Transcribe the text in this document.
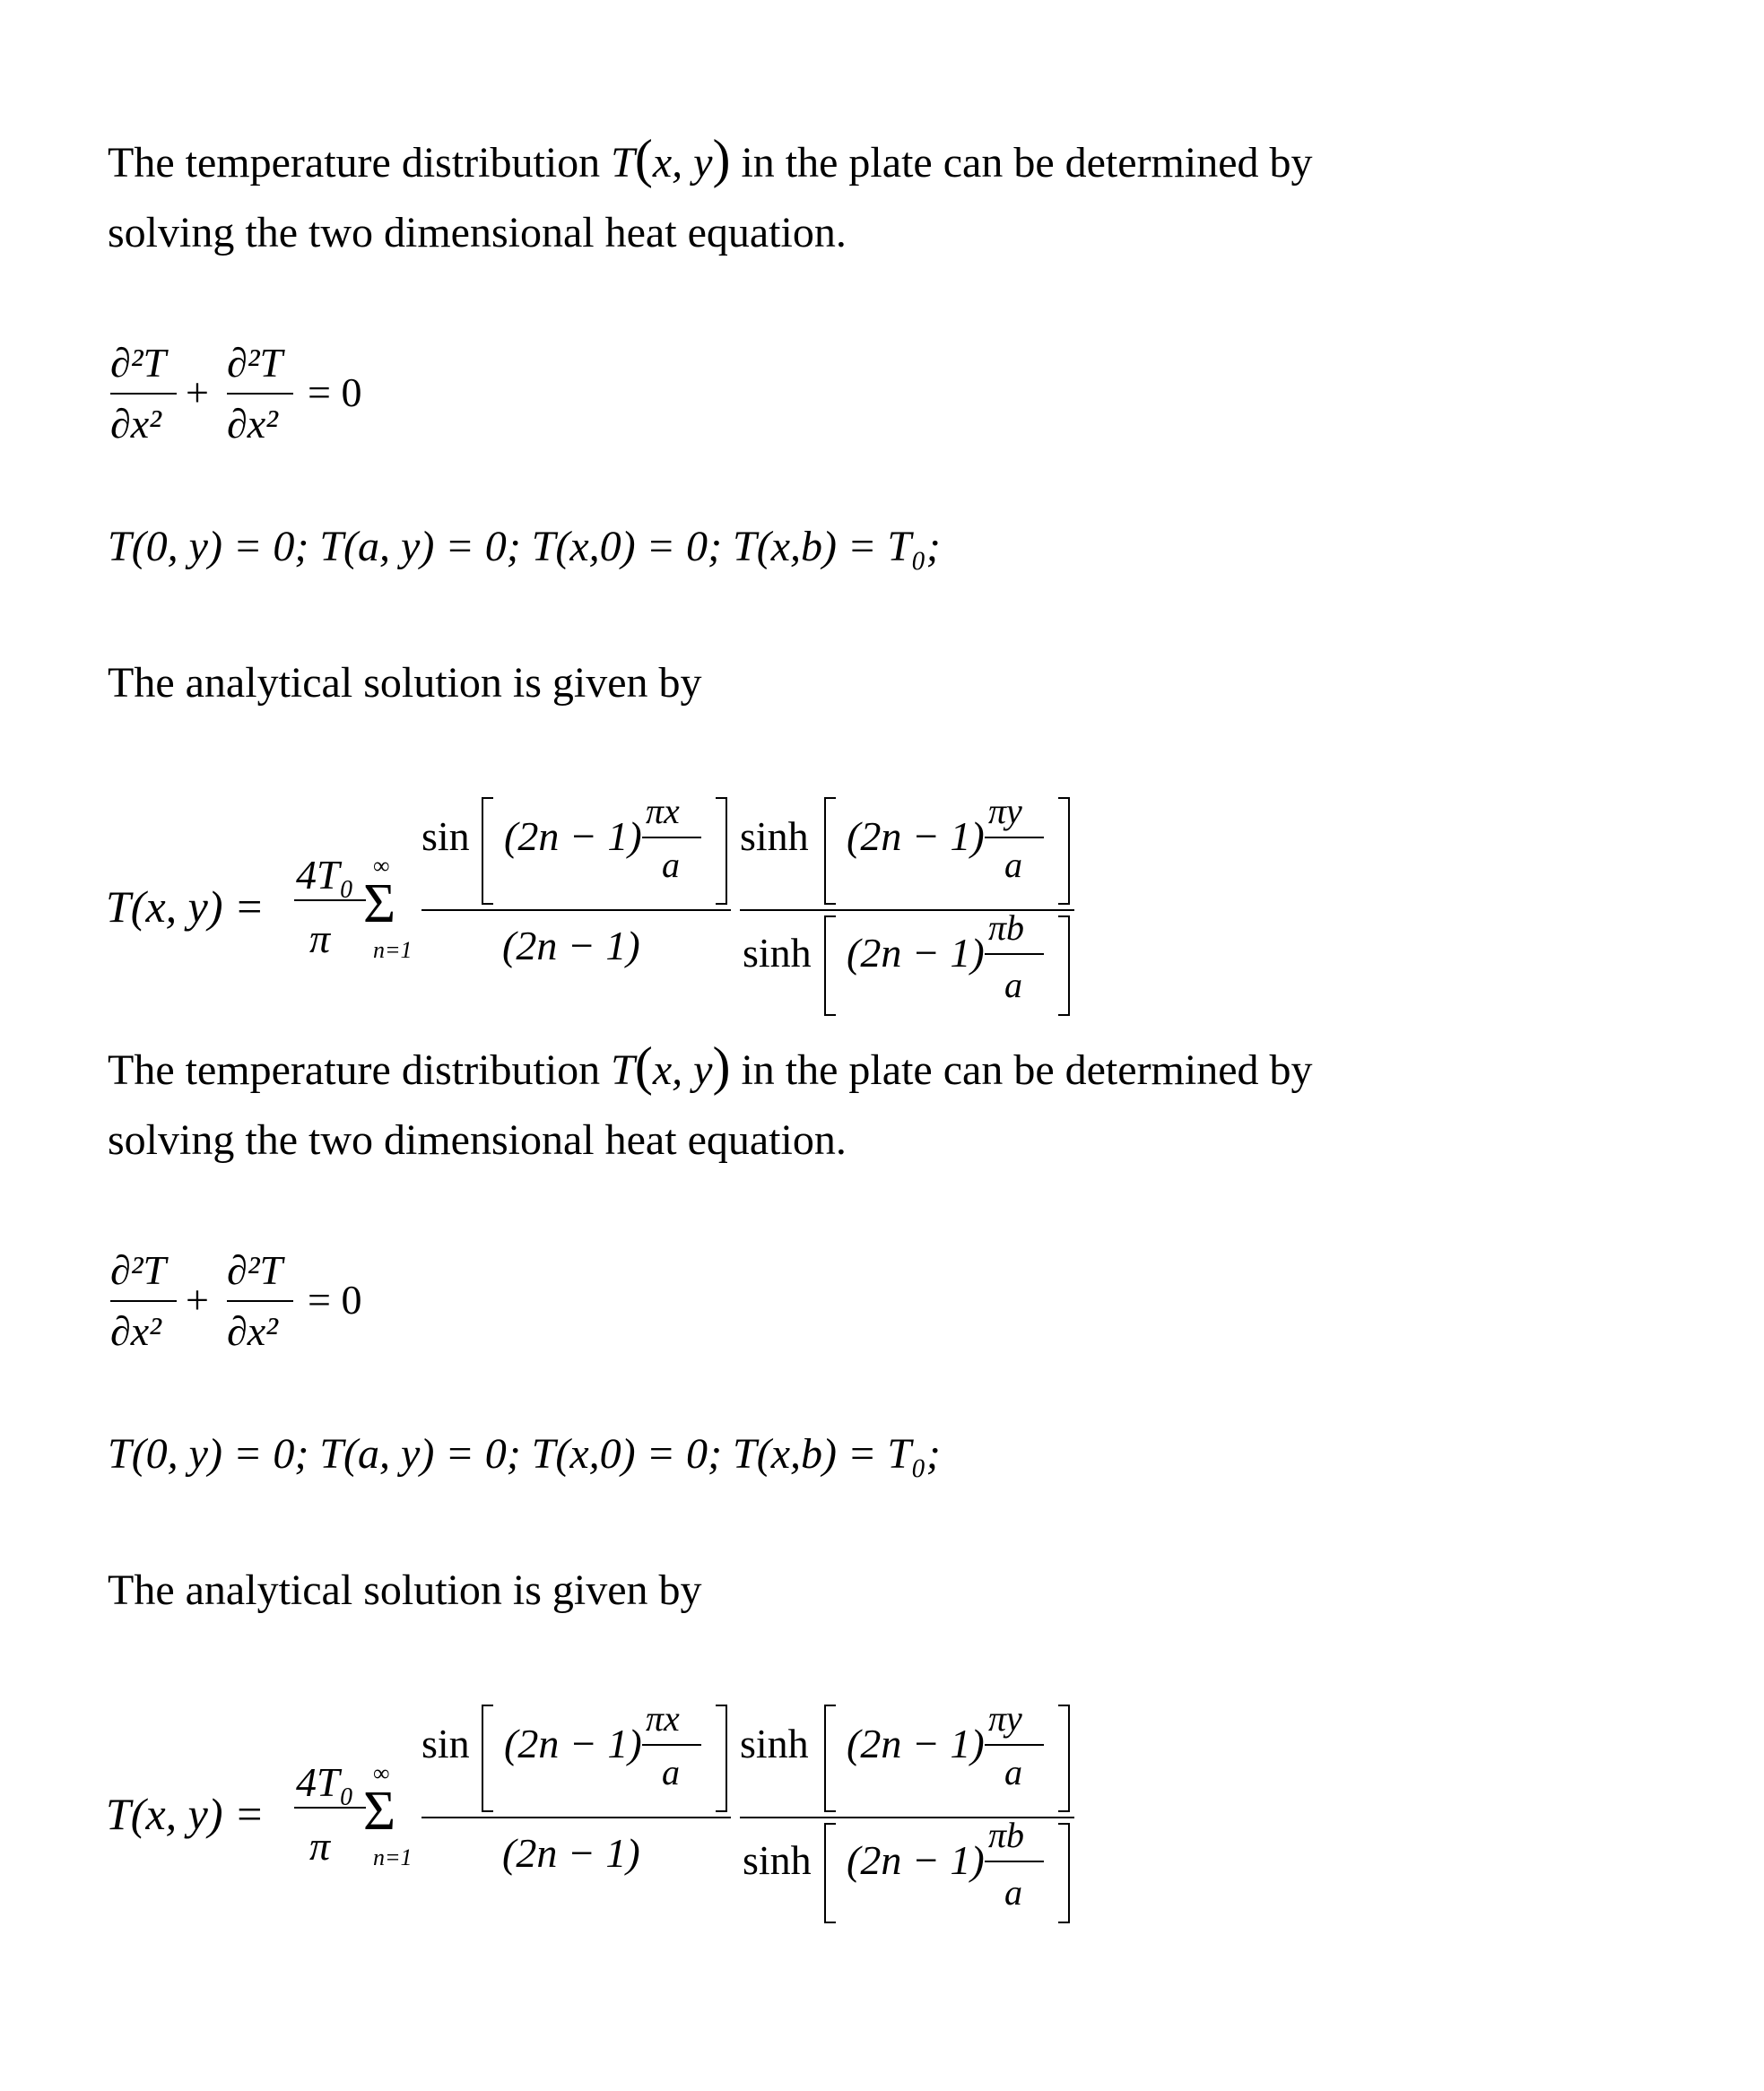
The temperature distribution T(x, y) in the plate can be determined by
solving the two dimensional heat equation.

∂²T
∂x²
+
∂²T
∂x²
= 0

T(0, y) = 0; T(a, y) = 0; T(x,0) = 0; T(x,b) = T₀;

The analytical solution is given by

T(x, y) =
4T₀
π
∞
Σ
n=1
sin (2n − 1)
πx
a
(2n − 1)
sinh (2n − 1)
πy
a
sinh (2n − 1)
πb
a

The temperature distribution T(x, y) in the plate can be determined by
solving the two dimensional heat equation.

∂²T
∂x²
+
∂²T
∂x²
= 0

T(0, y) = 0; T(a, y) = 0; T(x,0) = 0; T(x,b) = T₀;

The analytical solution is given by

T(x, y) =
4T₀
π
∞
Σ
n=1
sin (2n − 1)
πx
a
(2n − 1)
sinh (2n − 1)
πy
a
sinh (2n − 1)
πb
a
